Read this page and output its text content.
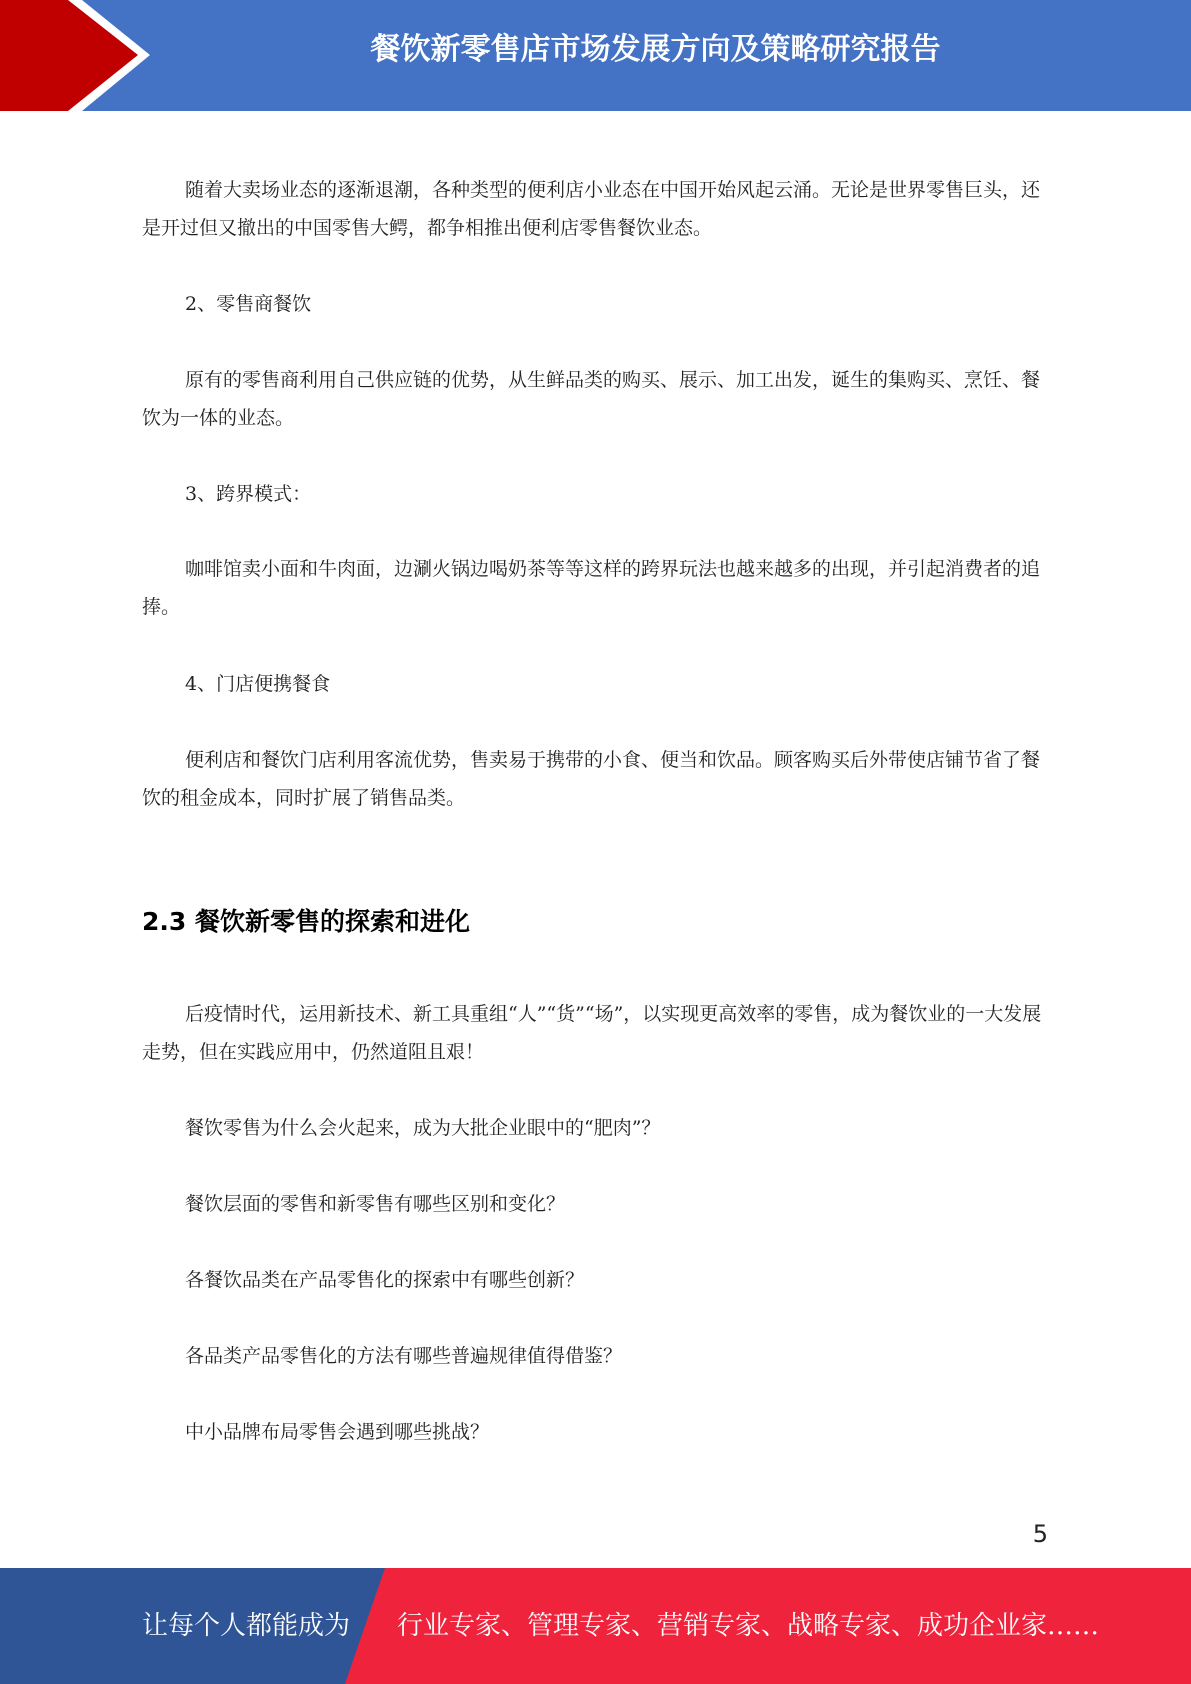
餐饮新零售店市场发展方向及策略研究报告

随着大卖场业态的逐渐退潮，各种类型的便利店小业态在中国开始风起云涌。无论是世界零售巨头，还是开过但又撤出的中国零售大鳄，都争相推出便利店零售餐饮业态。

2、零售商餐饮

原有的零售商利用自己供应链的优势，从生鲜品类的购买、展示、加工出发，诞生的集购买、烹饪、餐饮为一体的业态。

3、跨界模式：

咖啡馆卖小面和牛肉面，边涮火锅边喝奶茶等等这样的跨界玩法也越来越多的出现，并引起消费者的追捧。

4、门店便携餐食

便利店和餐饮门店利用客流优势，售卖易于携带的小食、便当和饮品。顾客购买后外带使店铺节省了餐饮的租金成本，同时扩展了销售品类。

2.3 餐饮新零售的探索和进化

后疫情时代，运用新技术、新工具重组“人”“货”“场”，以实现更高效率的零售，成为餐饮业的一大发展走势，但在实践应用中，仍然道阻且艰！

餐饮零售为什么会火起来，成为大批企业眼中的“肥肉”？
餐饮层面的零售和新零售有哪些区别和变化？
各餐饮品类在产品零售化的探索中有哪些创新？
各品类产品零售化的方法有哪些普遍规律值得借鉴？
中小品牌布局零售会遇到哪些挑战？
5
让每个人都能成为 行业专家、管理专家、营销专家、战略专家、成功企业家……
